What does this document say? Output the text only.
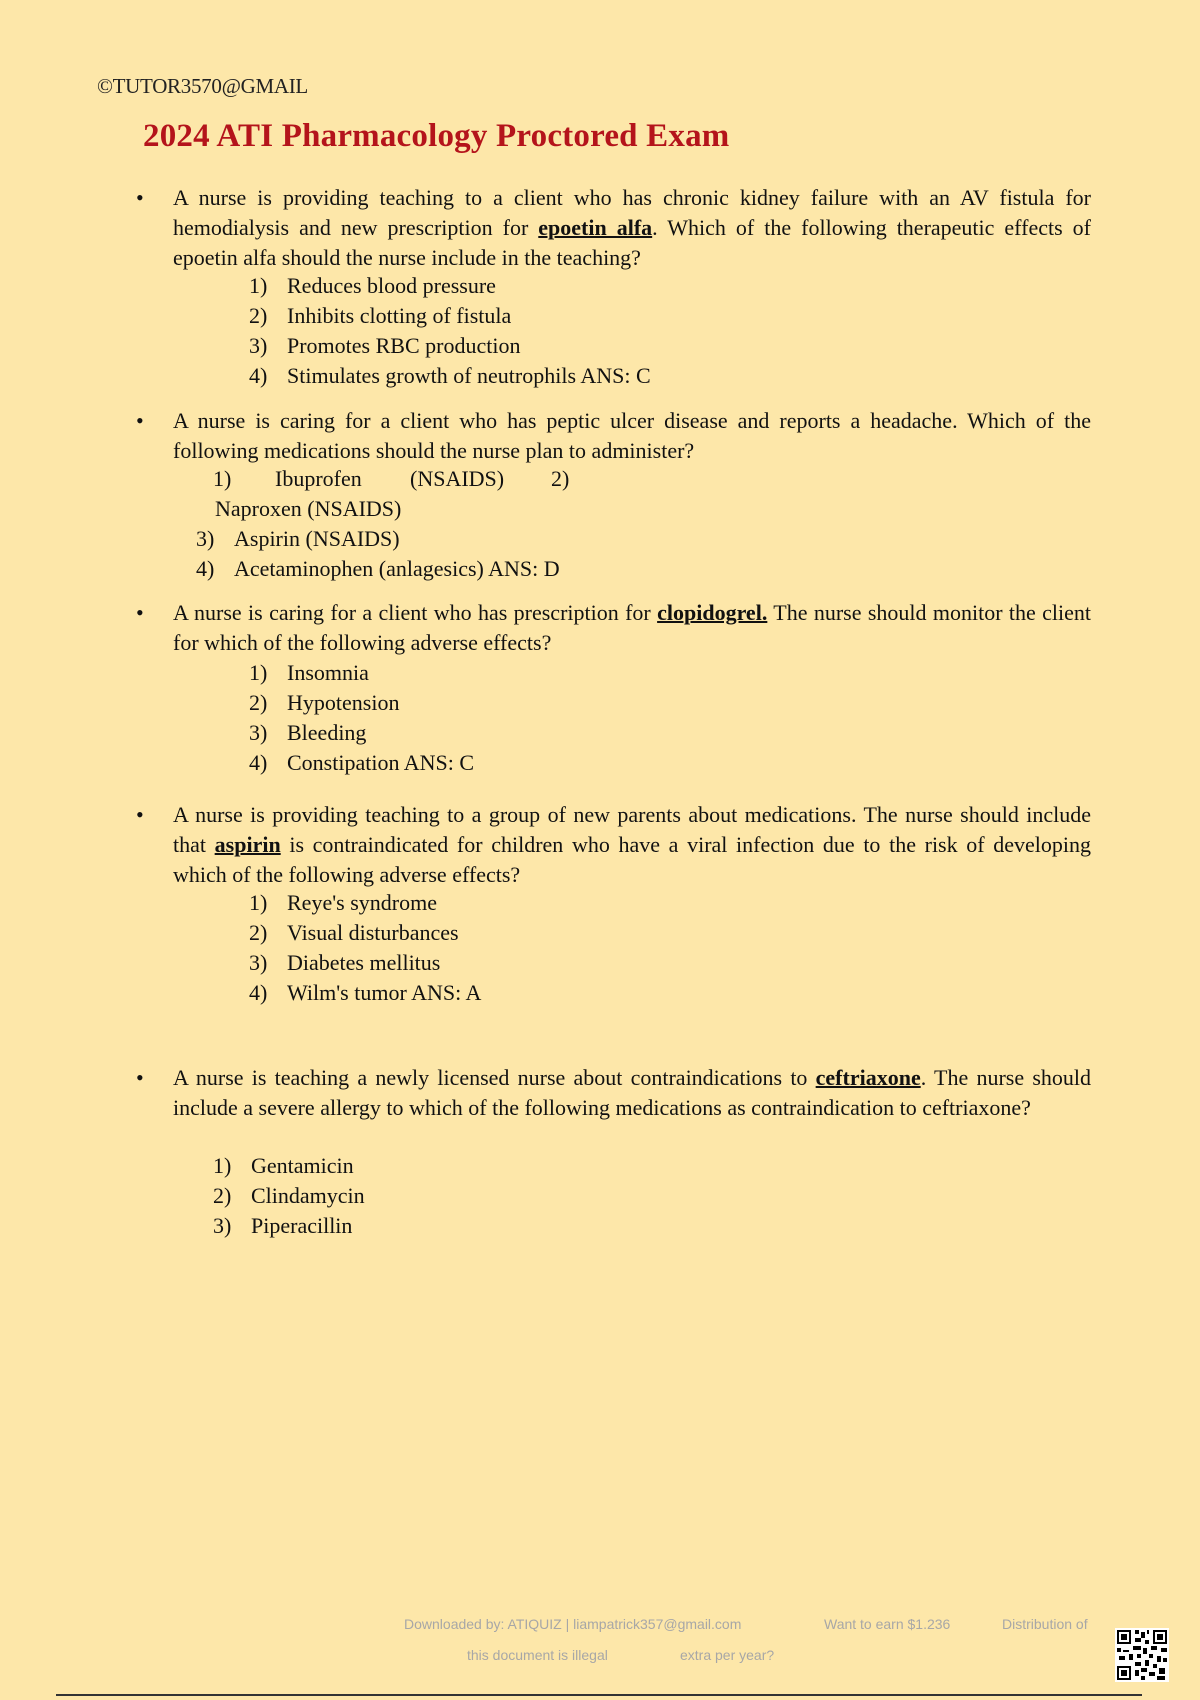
©TUTOR3570@GMAIL
2024 ATI Pharmacology Proctored Exam
• A nurse is providing teaching to a client who has chronic kidney failure with an AV fistula for hemodialysis and new prescription for epoetin alfa. Which of the following therapeutic effects of epoetin alfa should the nurse include in the teaching?
1) Reduces blood pressure
2) Inhibits clotting of fistula
3) Promotes RBC production
4) Stimulates growth of neutrophils ANS: C
• A nurse is caring for a client who has peptic ulcer disease and reports a headache. Which of the following medications should the nurse plan to administer?
1) Ibuprofen (NSAIDS) 2)
Naproxen (NSAIDS)
3) Aspirin (NSAIDS)
4) Acetaminophen (anlagesics) ANS: D
• A nurse is caring for a client who has prescription for clopidogrel. The nurse should monitor the client for which of the following adverse effects?
1) Insomnia
2) Hypotension
3) Bleeding
4) Constipation ANS: C
• A nurse is providing teaching to a group of new parents about medications. The nurse should include that aspirin is contraindicated for children who have a viral infection due to the risk of developing which of the following adverse effects?
1) Reye's syndrome
2) Visual disturbances
3) Diabetes mellitus
4) Wilm's tumor ANS: A
• A nurse is teaching a newly licensed nurse about contraindications to ceftriaxone. The nurse should include a severe allergy to which of the following medications as contraindication to ceftriaxone?
1) Gentamicin
2) Clindamycin
3) Piperacillin
Downloaded by: ATIQUIZ | liampatrick357@gmail.com	Want to earn $1.236	Distribution of
this document is illegal	extra per year?
